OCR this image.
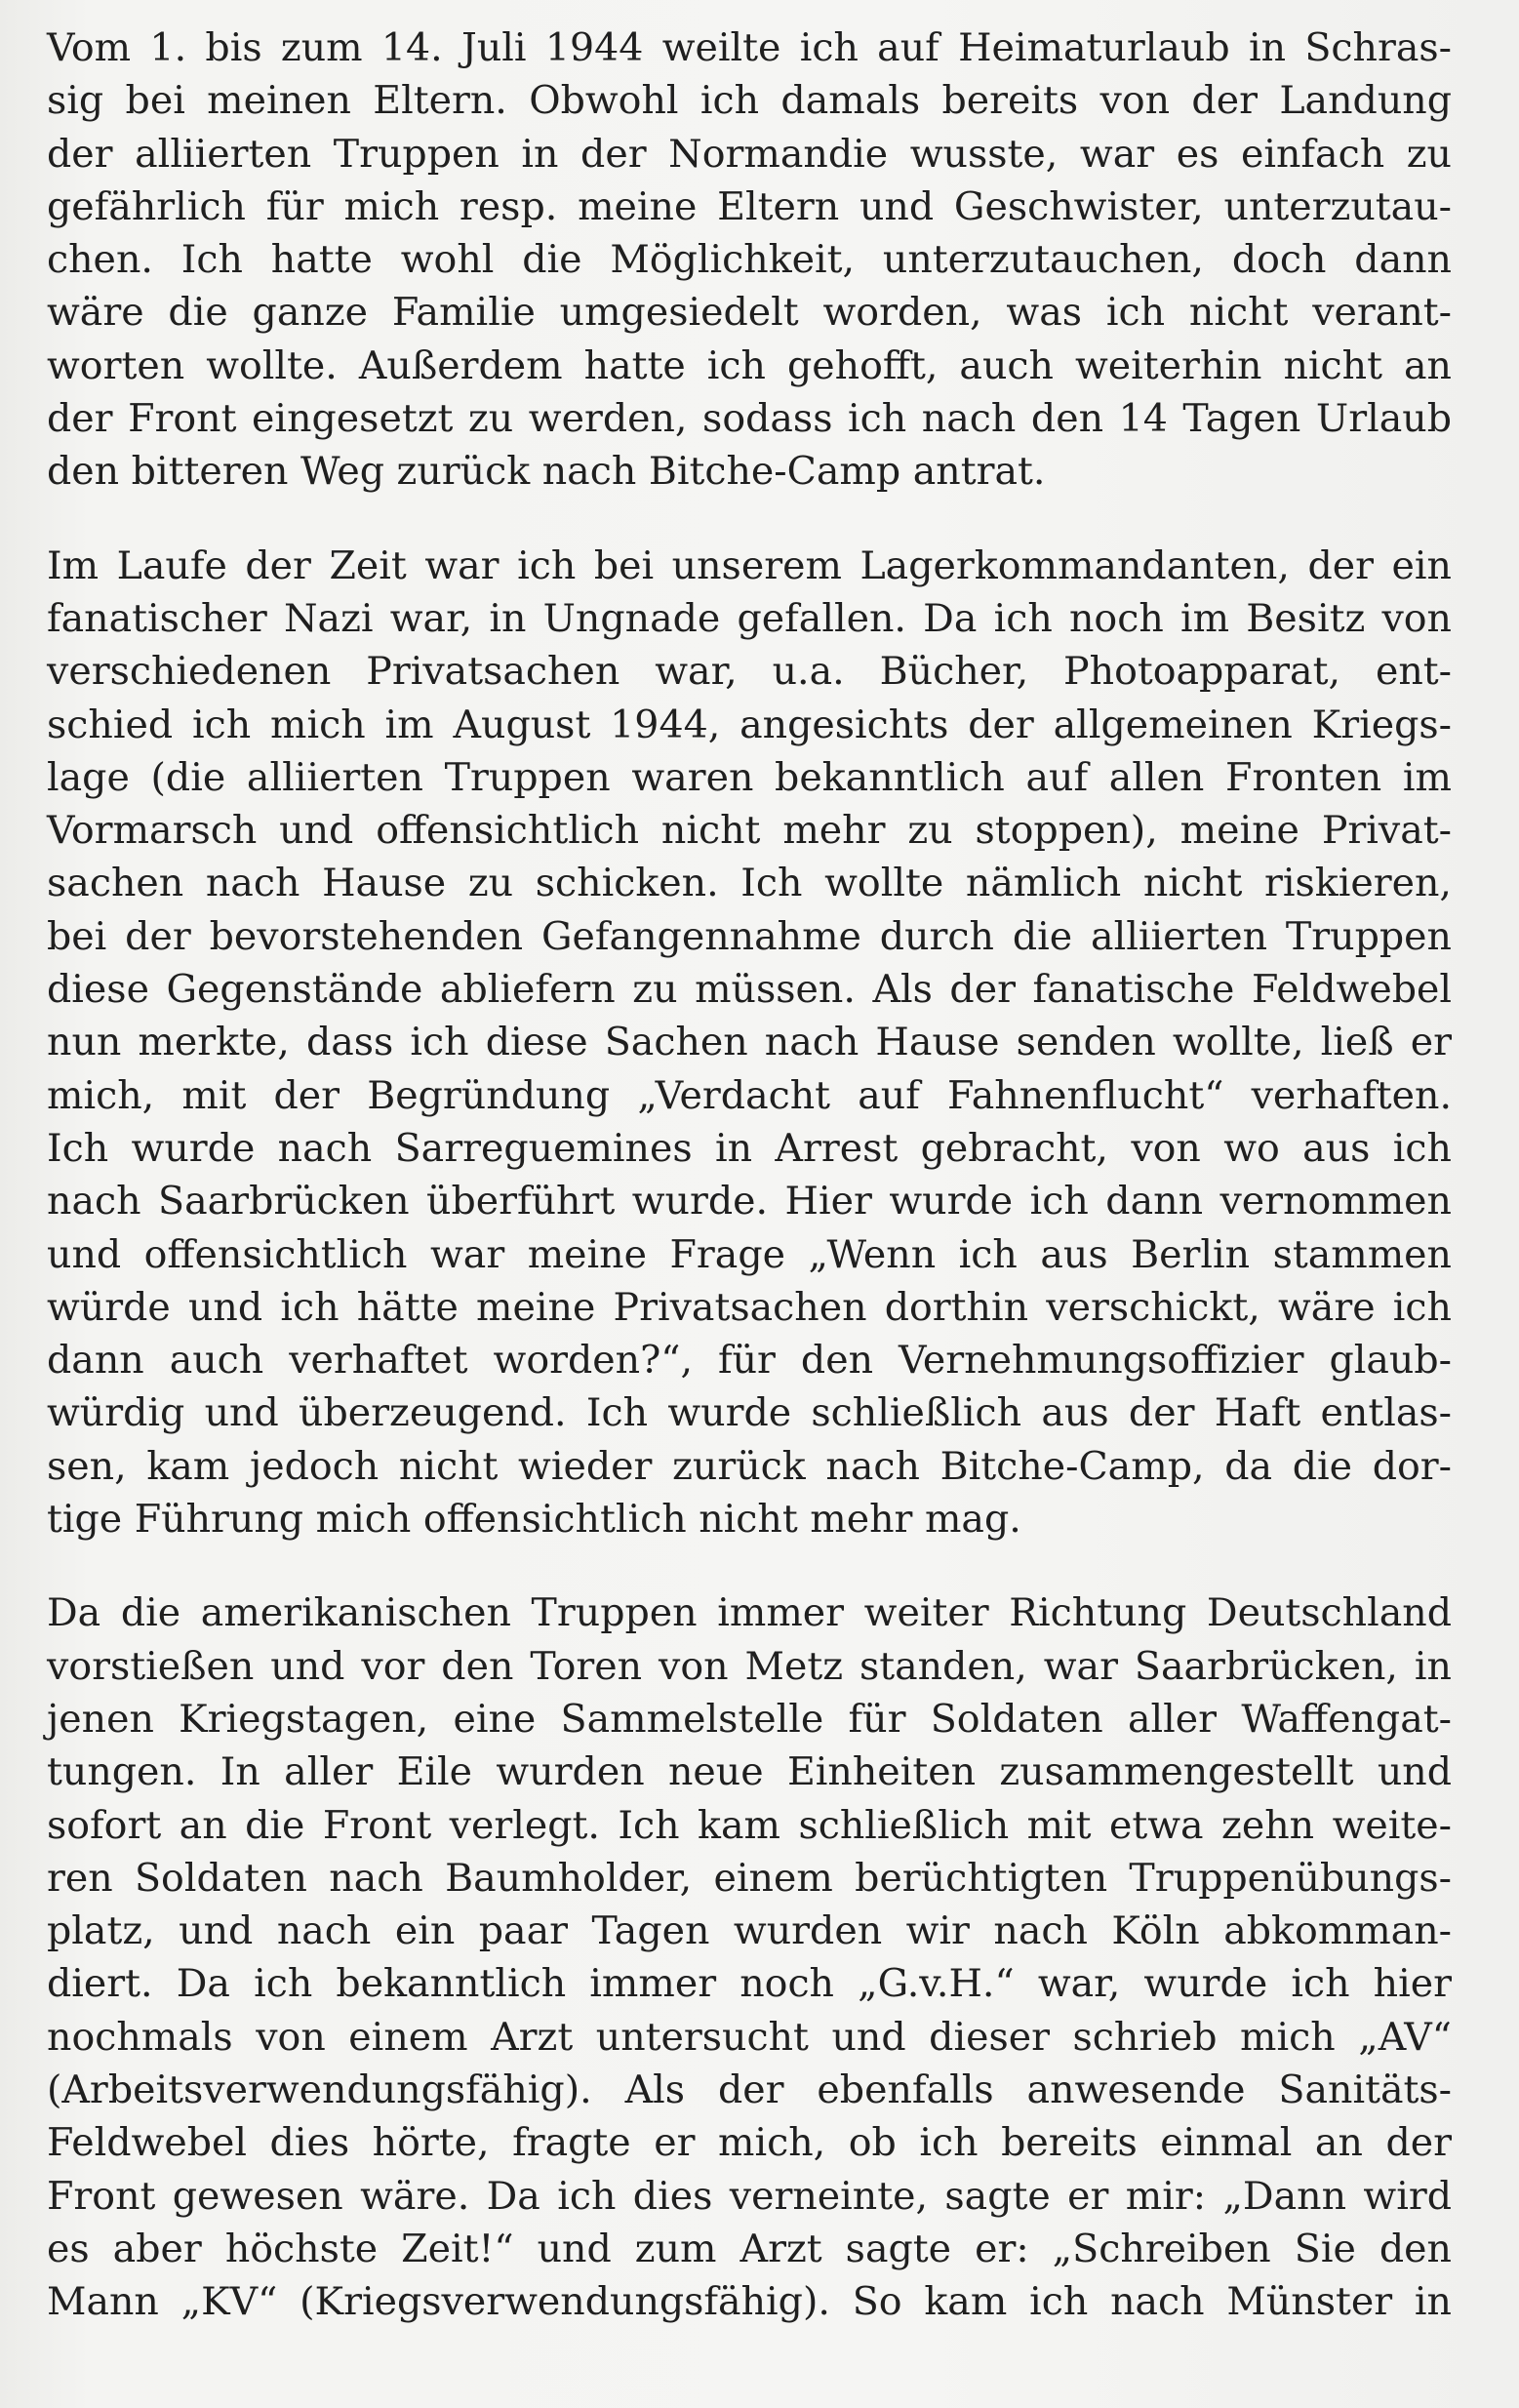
Vom 1. bis zum 14. Juli 1944 weilte ich auf Heimaturlaub in Schras-
sig bei meinen Eltern. Obwohl ich damals bereits von der Landung
der alliierten Truppen in der Normandie wusste, war es einfach zu
gefährlich für mich resp. meine Eltern und Geschwister, unterzutau-
chen. Ich hatte wohl die Möglichkeit, unterzutauchen, doch dann
wäre die ganze Familie umgesiedelt worden, was ich nicht verant-
worten wollte. Außerdem hatte ich gehofft, auch weiterhin nicht an
der Front eingesetzt zu werden, sodass ich nach den 14 Tagen Urlaub
den bitteren Weg zurück nach Bitche-Camp antrat.

Im Laufe der Zeit war ich bei unserem Lagerkommandanten, der ein
fanatischer Nazi war, in Ungnade gefallen. Da ich noch im Besitz von
verschiedenen Privatsachen war, u.a. Bücher, Photoapparat, ent-
schied ich mich im August 1944, angesichts der allgemeinen Kriegs-
lage (die alliierten Truppen waren bekanntlich auf allen Fronten im
Vormarsch und offensichtlich nicht mehr zu stoppen), meine Privat-
sachen nach Hause zu schicken. Ich wollte nämlich nicht riskieren,
bei der bevorstehenden Gefangennahme durch die alliierten Truppen
diese Gegenstände abliefern zu müssen. Als der fanatische Feldwebel
nun merkte, dass ich diese Sachen nach Hause senden wollte, ließ er
mich, mit der Begründung „Verdacht auf Fahnenflucht“ verhaften.
Ich wurde nach Sarreguemines in Arrest gebracht, von wo aus ich
nach Saarbrücken überführt wurde. Hier wurde ich dann vernommen
und offensichtlich war meine Frage „Wenn ich aus Berlin stammen
würde und ich hätte meine Privatsachen dorthin verschickt, wäre ich
dann auch verhaftet worden?“, für den Vernehmungsoffizier glaub-
würdig und überzeugend. Ich wurde schließlich aus der Haft entlas-
sen, kam jedoch nicht wieder zurück nach Bitche-Camp, da die dor-
tige Führung mich offensichtlich nicht mehr mag.

Da die amerikanischen Truppen immer weiter Richtung Deutschland
vorstießen und vor den Toren von Metz standen, war Saarbrücken, in
jenen Kriegstagen, eine Sammelstelle für Soldaten aller Waffengat-
tungen. In aller Eile wurden neue Einheiten zusammengestellt und
sofort an die Front verlegt. Ich kam schließlich mit etwa zehn weite-
ren Soldaten nach Baumholder, einem berüchtigten Truppenübungs-
platz, und nach ein paar Tagen wurden wir nach Köln abkomman-
diert. Da ich bekanntlich immer noch „G.v.H.“ war, wurde ich hier
nochmals von einem Arzt untersucht und dieser schrieb mich „AV“
(Arbeitsverwendungsfähig). Als der ebenfalls anwesende Sanitäts-
Feldwebel dies hörte, fragte er mich, ob ich bereits einmal an der
Front gewesen wäre. Da ich dies verneinte, sagte er mir: „Dann wird
es aber höchste Zeit!“ und zum Arzt sagte er: „Schreiben Sie den
Mann „KV“ (Kriegsverwendungsfähig). So kam ich nach Münster in
